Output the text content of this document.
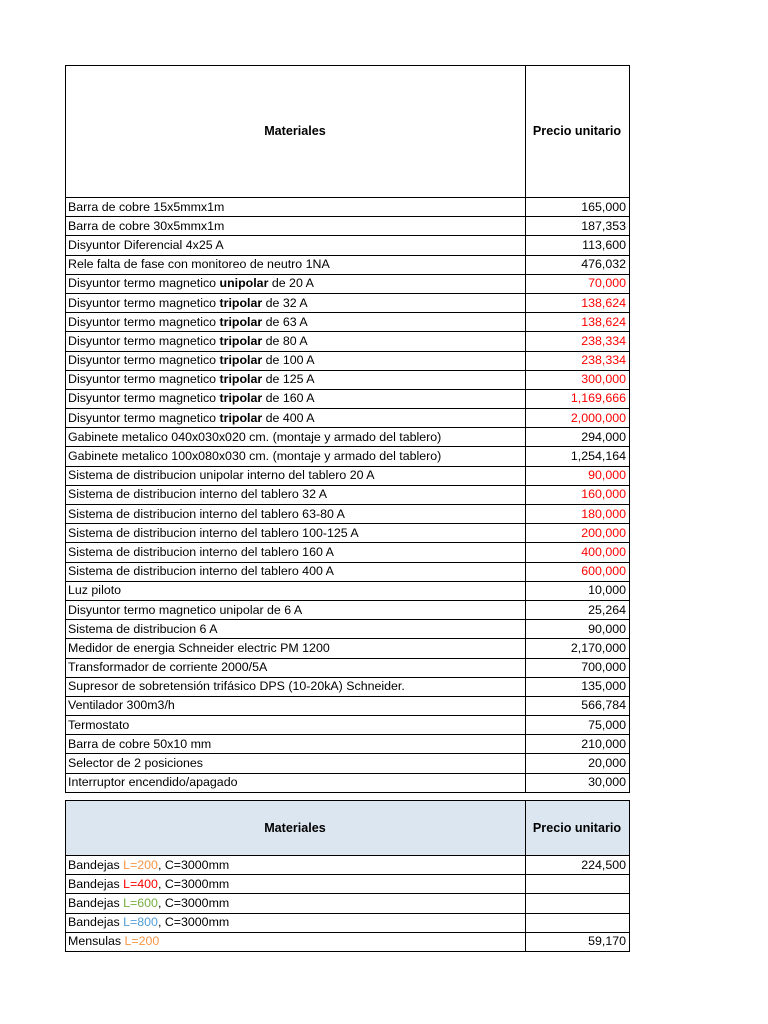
Materiales	Precio unitario
Barra de cobre 15x5mmx1m	165,000
Barra de cobre 30x5mmx1m	187,353
Disyuntor Diferencial 4x25 A	113,600
Rele falta de fase con monitoreo de neutro 1NA	476,032
Disyuntor termo magnetico unipolar de 20 A	70,000
Disyuntor termo magnetico tripolar de 32 A	138,624
Disyuntor termo magnetico tripolar de 63 A	138,624
Disyuntor termo magnetico tripolar de 80 A	238,334
Disyuntor termo magnetico tripolar de 100 A	238,334
Disyuntor termo magnetico tripolar de 125 A	300,000
Disyuntor termo magnetico tripolar de 160 A	1,169,666
Disyuntor termo magnetico tripolar de 400 A	2,000,000
Gabinete metalico 040x030x020 cm. (montaje y armado del tablero)	294,000
Gabinete metalico 100x080x030 cm. (montaje y armado del tablero)	1,254,164
Sistema de distribucion unipolar interno del tablero 20 A	90,000
Sistema de distribucion interno del tablero 32 A	160,000
Sistema de distribucion interno del tablero 63-80 A	180,000
Sistema de distribucion interno del tablero 100-125 A	200,000
Sistema de distribucion interno del tablero 160 A	400,000
Sistema de distribucion interno del tablero 400 A	600,000
Luz piloto	10,000
Disyuntor termo magnetico unipolar de 6 A	25,264
Sistema de distribucion 6 A	90,000
Medidor de energia Schneider electric PM 1200	2,170,000
Transformador de corriente 2000/5A	700,000
Supresor de sobretensión trifásico DPS (10-20kA) Schneider.	135,000
Ventilador 300m3/h	566,784
Termostato	75,000
Barra de cobre 50x10 mm	210,000
Selector de 2 posiciones	20,000
Interruptor encendido/apagado	30,000
Materiales	Precio unitario
Bandejas L=200, C=3000mm	224,500
Bandejas L=400, C=3000mm	
Bandejas L=600, C=3000mm	
Bandejas L=800, C=3000mm	
Mensulas L=200	59,170
